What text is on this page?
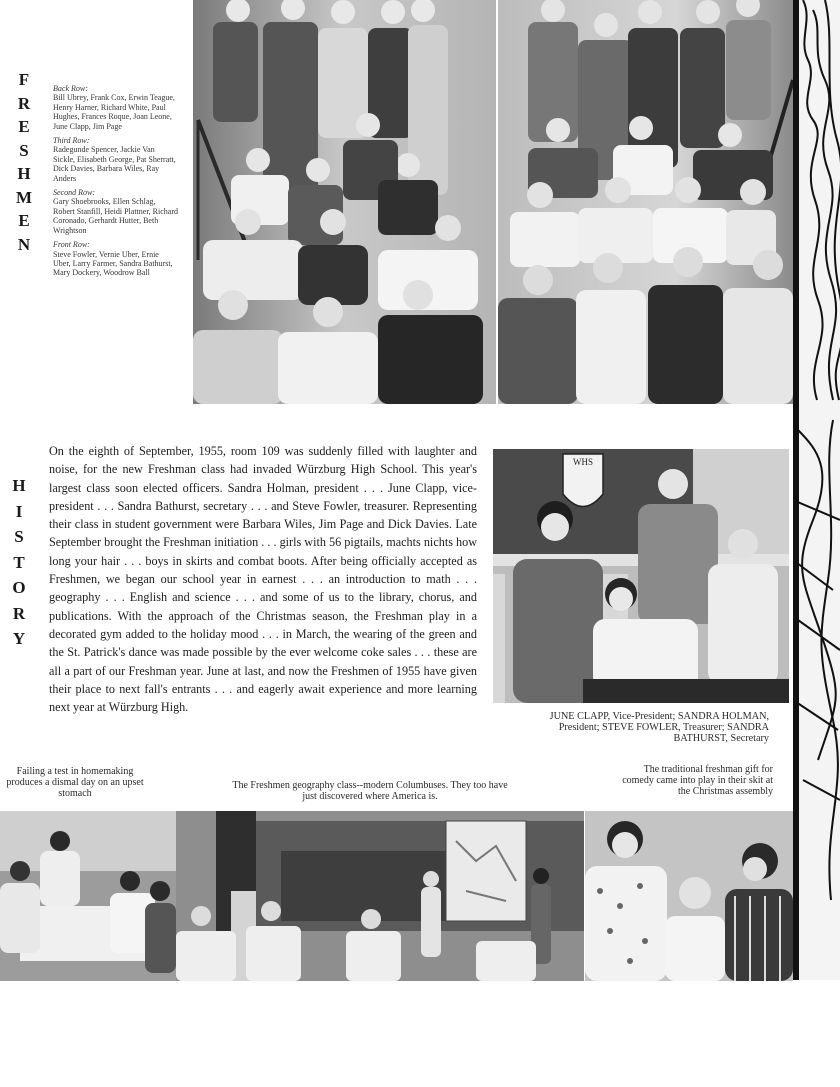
F
R
E
S
H
M
E
N
Back Row:
Bill Ubrey, Frank Cox, Erwin Teague, Henry Harner, Richard White, Paul Hughes, Frances Roque, Joan Leone, June Clapp, Jim Page
Third Row:
Radegunde Spencer, Jackie Van Sickle, Elisabeth George, Pat Sherratt, Dick Davies, Barbara Wiles, Ray Anders
Second Row:
Gary Shoebrooks, Ellen Schlag, Robert Stanfill, Heidi Plattner, Richard Coronado, Gerhardt Hutter, Beth Wrightson
Front Row:
Steve Fowler, Vernie Uber, Ernie Uber, Larry Farmer, Sandra Bathurst, Mary Dockery, Woodrow Ball
H
I
S
T
O
R
Y
On the eighth of September, 1955, room 109 was suddenly filled with laughter and noise, for the new Freshman class had invaded Würzburg High School. This year's largest class soon elected officers. Sandra Holman, president . . . June Clapp, vice-president . . . Sandra Bathurst, secretary . . . and Steve Fowler, treasurer. Representing their class in student government were Barbara Wiles, Jim Page and Dick Davies. Late September brought the Freshman initiation . . . girls with 56 pigtails, machts nichts how long your hair . . . boys in skirts and combat boots. After being officially accepted as Freshmen, we began our school year in earnest . . . an introduction to math . . . geography . . . English and science . . . and some of us to the library, chorus, and publications. With the approach of the Christmas season, the Freshman play in a decorated gym added to the holiday mood . . . in March, the wearing of the green and the St. Patrick's dance was made possible by the ever welcome coke sales . . . these are all a part of our Freshman year. June at last, and now the Freshmen of 1955 have given their place to next fall's entrants . . . and eagerly await experience and more learning next year at Würzburg High.
WHS
JUNE CLAPP, Vice-President; SANDRA HOLMAN, President; STEVE FOWLER, Treasurer; SANDRA BATHURST, Secretary
Failing a test in homemaking produces a dismal day on an upset stomach
The Freshmen geography class--modern Columbuses. They too have just discovered where America is.
The traditional freshman gift for comedy came into play in their skit at the Christmas assembly
